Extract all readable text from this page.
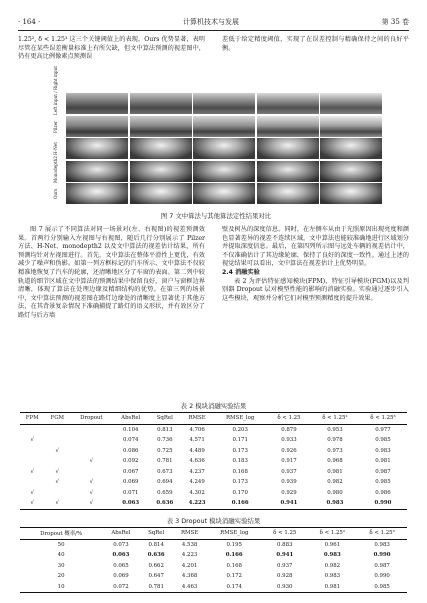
· 164 ·	计算机技术与发展	第 35 卷

1.25², δ < 1.25³ 这三个关键阈值上的表现，Ours 优势显著，表明尽管在某些误差衡量标准上有所欠缺，但文中算法预测的视差图中，仍有更高比例像素点预测误

差低于给定精度阈值，实现了在误差控制与精确保持之间的良好平衡。

Left input / Right input
Pilzer
H-Net
Monodepth2
Ours
图 7 文中算法与其他算法定性结果对比

图 7 展示了不同算法对同一场景对(左、右视图)的视差预测效果。首两行分别输入左视图与右视图，随后几行分别展示了 Pilzer 方法、H-Net、monodepth2 以及文中算法的视差估计结果，所有预测均针对左视图进行。首先，文中算法在整体平滑性上更优，有效减少了噪声和伪影。如第一列方框标记的汽车所示，文中算法不仅较精准地恢复了汽车的轮廓，还清晰地区分了车窗的表面。第二列中较轨道的细节区域在文中算法的预测结果中保留良好，窗户与窗框边界清晰，体现了算法在处理边缘及精细结构的优势。在第三列的场景中，文中算法预测的视差图在路灯边缘处的清晰度上显著优于其他方法，在其背景复杂情况下准确捕捉了路灯的语义形状，并有效区分了路灯与后方墙

壁及树丛的深度信息。同时，在左侧车从由于光照原因出现亮度和颜色显著差异的视差不连续区域，文中算法也能较准确地进行区域划分并提取深度信息。最后，在第四列所示图与远处车辆的视差估计中，不仅准确估计了其边缘轮廓，保持了良好的深度一致性。通过上述的视觉结果可以看出，文中算法在视差估计上优势明显。

2.4 消融实验

表 2 为评估特征感知模块(FPM)、特征引导模块(FGM)以及判别器 Dropout 层对模型性能的影响的消融实验。实验通过逐步引入这些模块，观察并分析它们对模型预测精度的提升效果。

表 2 模块消融实验结果
FPM	FGM	Dropout	AbsRel	SqRel	RMSE	RMSE_log	δ < 1.25	δ < 1.25²	δ < 1.25³
			0.104	0.813	4.706	0.203	0.879	0.953	0.977
√			0.074	0.736	4.571	0.171	0.933	0.978	0.985
	√		0.086	0.725	4.489	0.173	0.926	0.973	0.983
		√	0.092	0.781	4.636	0.183	0.917	0.968	0.981
√	√		0.067	0.673	4.237	0.168	0.937	0.981	0.987
	√	√	0.069	0.694	4.249	0.173	0.939	0.982	0.985
√		√	0.071	0.659	4.302	0.170	0.929	0.980	0.986
√	√	√	0.063	0.636	4.223	0.166	0.941	0.983	0.990
表 3 Dropout 模块消融实验结果
Dropout 概率/%	AbsRel	SqRel	RMSE	RMSE_log	δ < 1.25	δ < 1.25²	δ < 1.25³
50	0.073	0.814	4.538	0.195	0.883	0.961	0.983
40	0.063	0.636	4.223	0.166	0.941	0.983	0.990
30	0.065	0.662	4.201	0.168	0.937	0.982	0.987
20	0.069	0.647	4.368	0.172	0.928	0.983	0.990
10	0.072	0.781	4.463	0.174	0.930	0.981	0.985
